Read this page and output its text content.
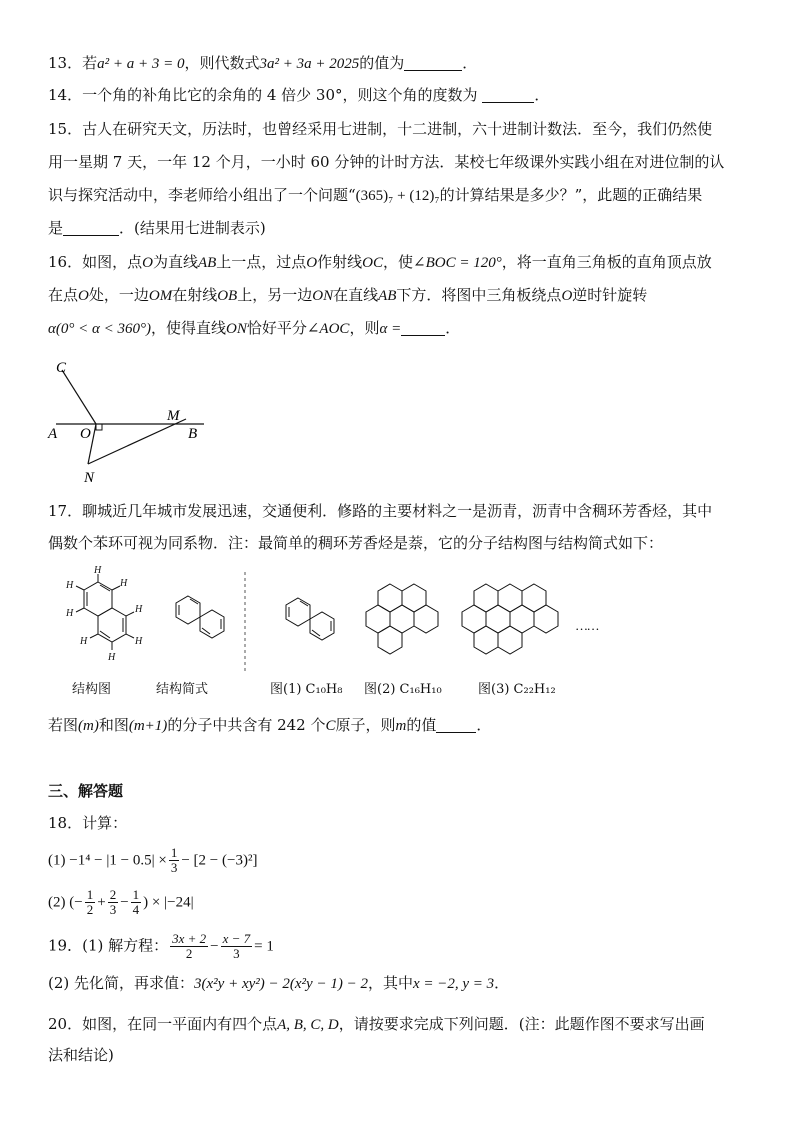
13．若a² + a + 3 = 0，则代数式3a² + 3a + 2025的值为	．
14．一个角的补角比它的余角的 4 倍少 30°，则这个角的度数为	．
15．古人在研究天文，历法时，也曾经采用七进制，十二进制，六十进制计数法．至今，我们仍然使
用一星期 7 天，一年 12 个月，一小时 60 分钟的计时方法．某校七年级课外实践小组在对进位制的认
识与探究活动中，李老师给小组出了一个问题“(365)₇ + (12)₇的计算结果是多少？”，此题的正确结果
是	．(结果用七进制表示)
16．如图，点O为直线AB上一点，过点O作射线OC，使∠BOC = 120°，将一直角三角板的直角顶点放
在点O处，一边OM在射线OB上，另一边ON在直线AB下方．将图中三角板绕点O逆时针旋转
α(0° < α < 360°)，使得直线ON恰好平分∠AOC，则α =	．
C
A O
M
B
N
17．聊城近几年城市发展迅速，交通便利．修路的主要材料之一是沥青，沥青中含稠环芳香烃，其中
偶数个苯环可视为同系物．注：最简单的稠环芳香烃是萘，它的分子结构图与结构简式如下：
H
H
H
H
H
H
H
H
……
结构图	结构简式	图(1) C₁₀H₈ 图(2) C₁₆H₁₀	图(3) C₂₂H₁₂
若图(m)和图(m+1)的分子中共含有 242 个C原子，则m的值	．
三、解答题
18．计算：
$(1) -1^4 - |1 - 0.5| \times \frac{1}{3} - [2 - (-3)^2]$
(2) (− $\frac{1}{2} + \frac{2}{3} - \frac{1}{4}$ ) × |−24|
19．(1) 解方程： $\frac{3x + 2}{2} - \frac{x - 7}{3} = 1$
(2) 先化简，再求值：3(x²y + xy²) − 2(x²y − 1) − 2，其中x = −2, y = 3．
20．如图，在同一平面内有四个点A, B, C, D，请按要求完成下列问题．(注：此题作图不要求写出画
法和结论)
